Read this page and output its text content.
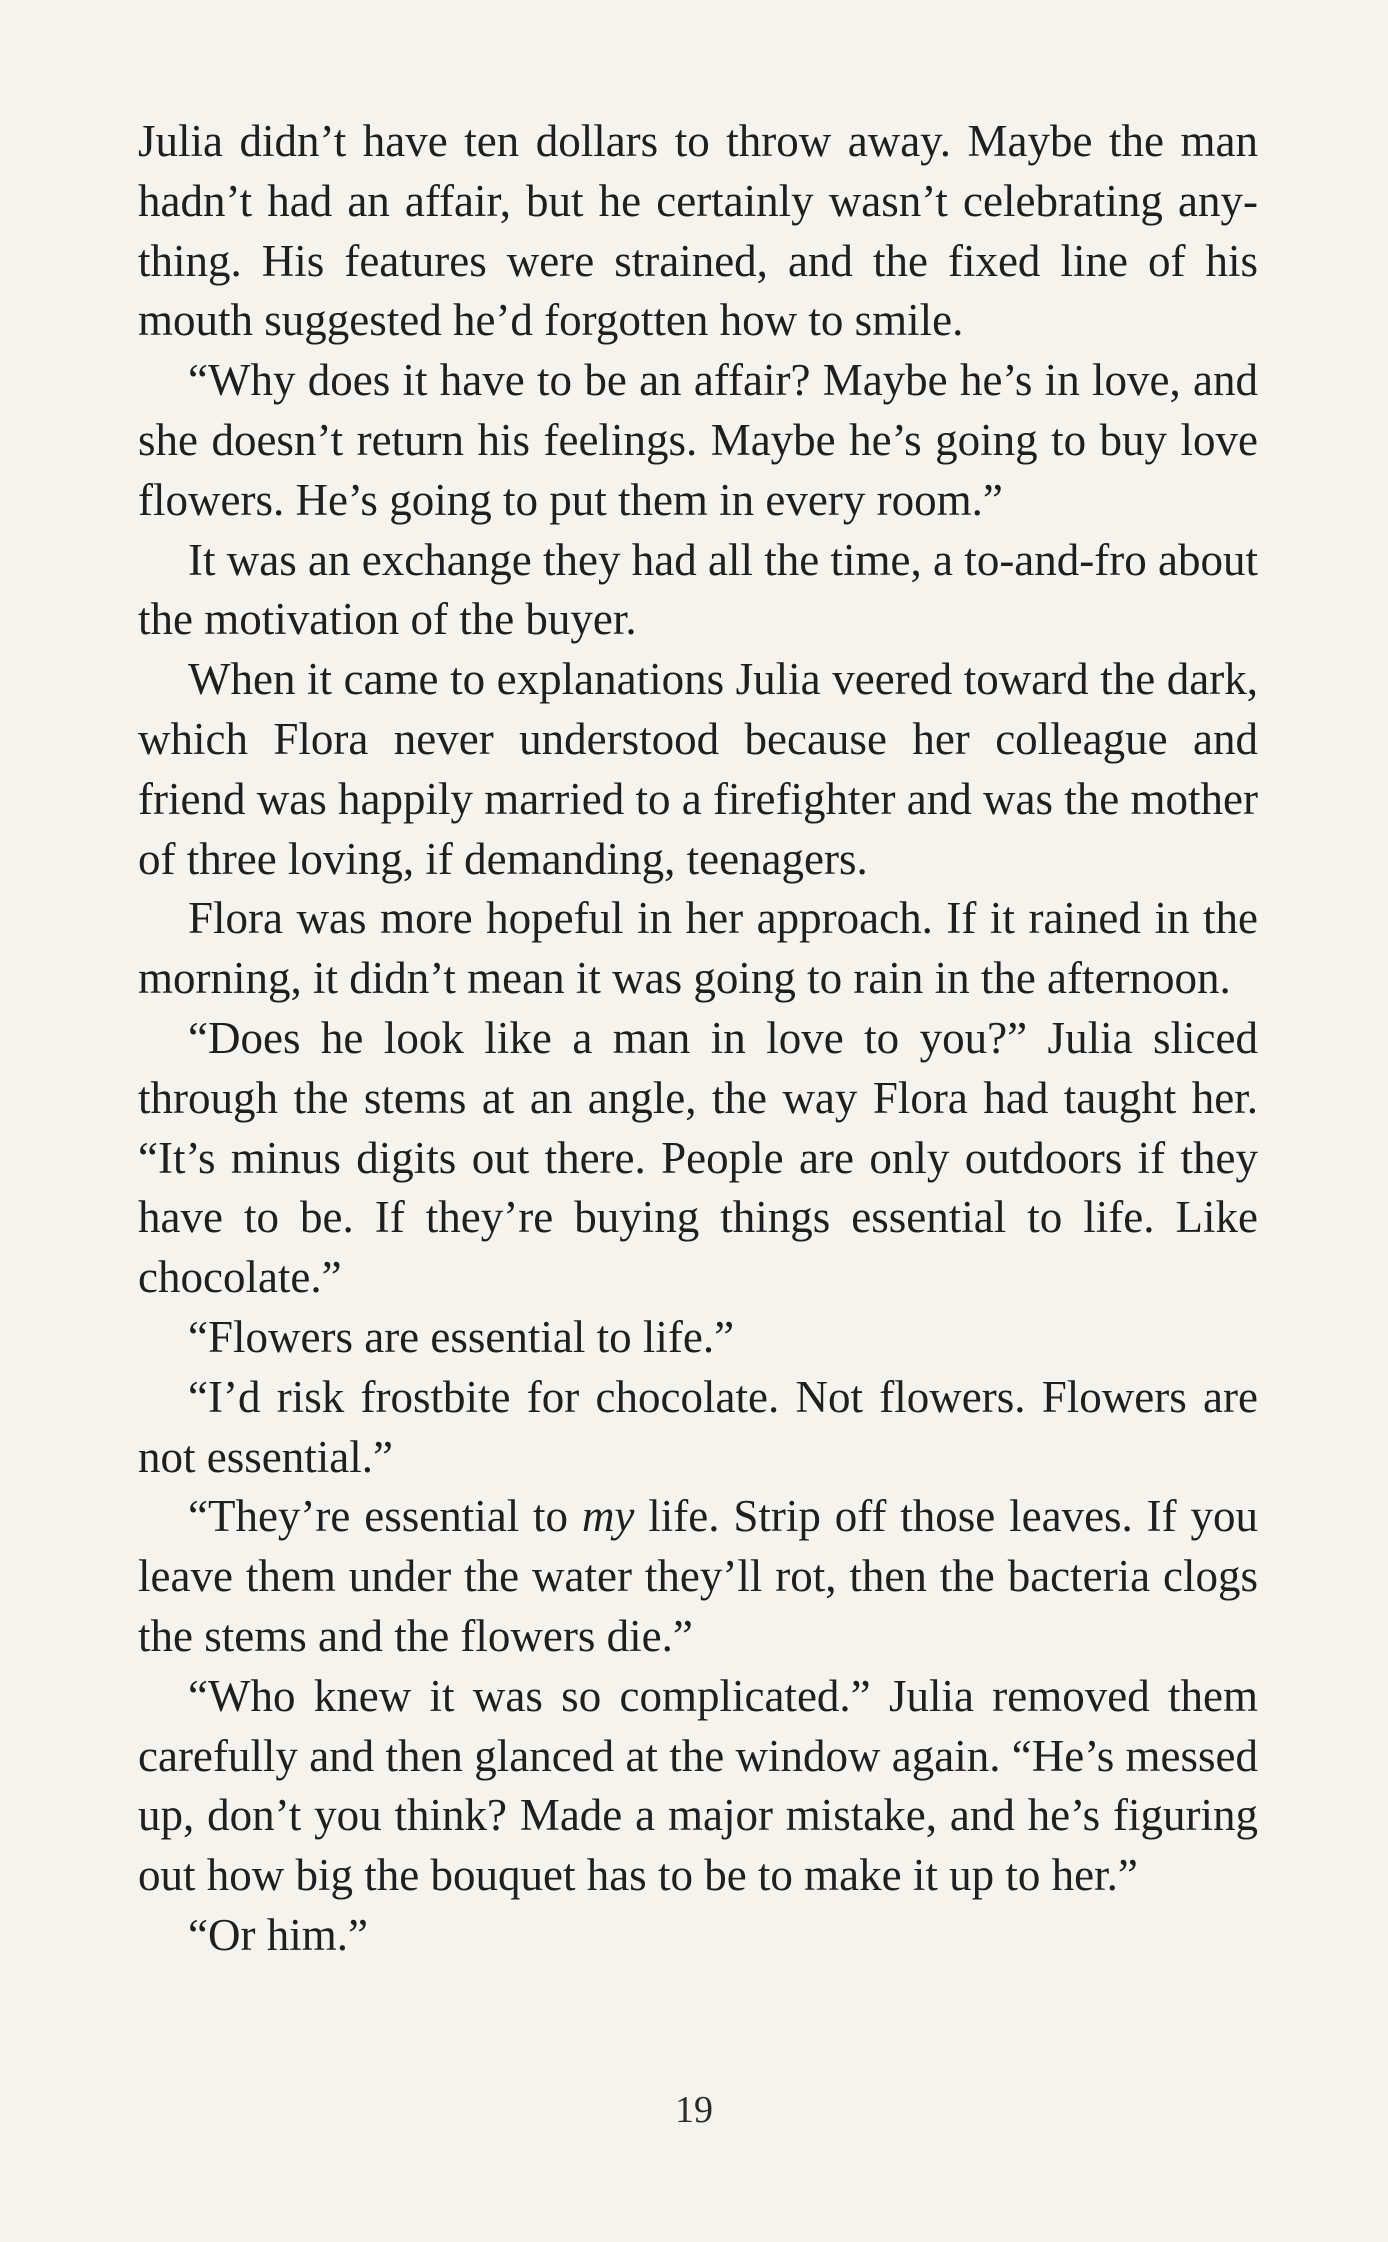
Julia didn’t have ten dollars to throw away. Maybe the man hadn’t had an affair, but he certainly wasn’t celebrating anything. His features were strained, and the fixed line of his mouth suggested he’d forgotten how to smile.

“Why does it have to be an affair? Maybe he’s in love, and she doesn’t return his feelings. Maybe he’s going to buy love flowers. He’s going to put them in every room.”

It was an exchange they had all the time, a to-and-fro about the motivation of the buyer.

When it came to explanations Julia veered toward the dark, which Flora never understood because her colleague and friend was happily married to a firefighter and was the mother of three loving, if demanding, teenagers.

Flora was more hopeful in her approach. If it rained in the morning, it didn’t mean it was going to rain in the afternoon.

“Does he look like a man in love to you?” Julia sliced through the stems at an angle, the way Flora had taught her. “It’s minus digits out there. People are only outdoors if they have to be. If they’re buying things essential to life. Like chocolate.”

“Flowers are essential to life.”

“I’d risk frostbite for chocolate. Not flowers. Flowers are not essential.”

“They’re essential to my life. Strip off those leaves. If you leave them under the water they’ll rot, then the bacteria clogs the stems and the flowers die.”

“Who knew it was so complicated.” Julia removed them carefully and then glanced at the window again. “He’s messed up, don’t you think? Made a major mistake, and he’s figuring out how big the bouquet has to be to make it up to her.”

“Or him.”

19
